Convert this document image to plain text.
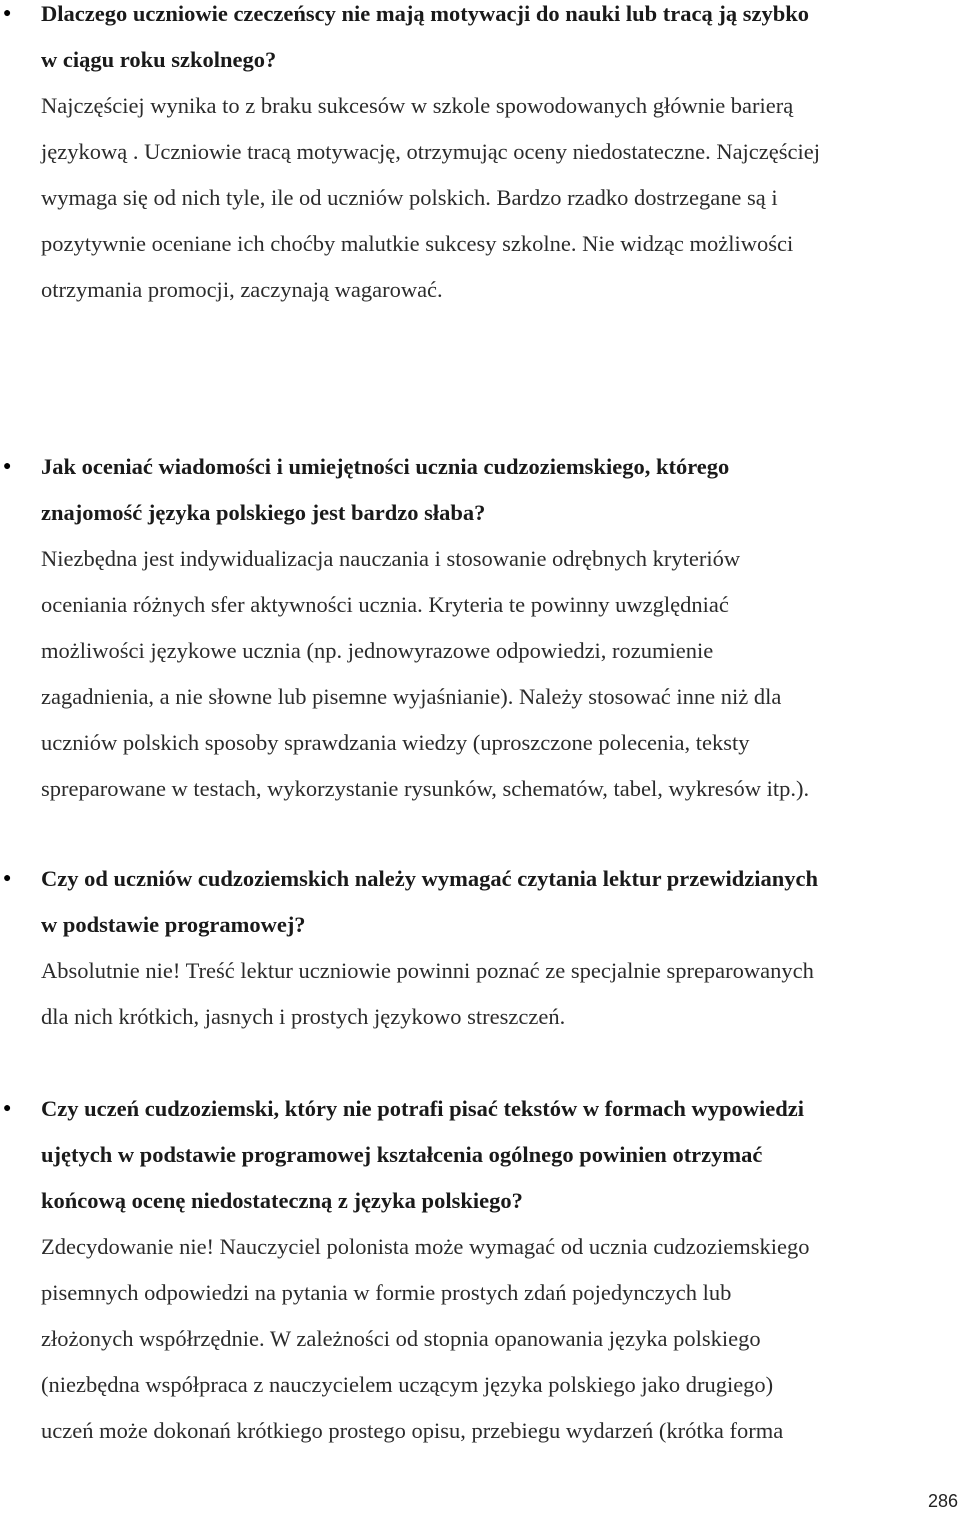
● Dlaczego uczniowie czeczeńscy nie mają motywacji do nauki lub tracą ją szybko
w ciągu roku szkolnego?

Najczęściej wynika to z braku sukcesów w szkole spowodowanych głównie barierą
językową . Uczniowie tracą motywację, otrzymując oceny niedostateczne. Najczęściej
wymaga się od nich tyle, ile od uczniów polskich. Bardzo rzadko dostrzegane są i
pozytywnie oceniane ich choćby malutkie sukcesy szkolne. Nie widząc możliwości
otrzymania promocji, zaczynają wagarować.

● Jak oceniać wiadomości i umiejętności ucznia cudzoziemskiego, którego
znajomość języka polskiego jest bardzo słaba?

Niezbędna jest indywidualizacja nauczania i stosowanie odrębnych kryteriów
oceniania różnych sfer aktywności ucznia. Kryteria te powinny uwzględniać
możliwości językowe ucznia (np. jednowyrazowe odpowiedzi, rozumienie
zagadnienia, a nie słowne lub pisemne wyjaśnianie). Należy stosować inne niż dla
uczniów polskich sposoby sprawdzania wiedzy (uproszczone polecenia, teksty
spreparowane w testach, wykorzystanie rysunków, schematów, tabel, wykresów itp.).

● Czy od uczniów cudzoziemskich należy wymagać czytania lektur przewidzianych
w podstawie programowej?

Absolutnie nie! Treść lektur uczniowie powinni poznać ze specjalnie spreparowanych
dla nich krótkich, jasnych i prostych językowo streszczeń.

● Czy uczeń cudzoziemski, który nie potrafi pisać tekstów w formach wypowiedzi
ujętych w podstawie programowej kształcenia ogólnego powinien otrzymać
końcową ocenę niedostateczną z języka polskiego?

Zdecydowanie nie! Nauczyciel polonista może wymagać od ucznia cudzoziemskiego
pisemnych odpowiedzi na pytania w formie prostych zdań pojedynczych lub
złożonych współrzędnie. W zależności od stopnia opanowania języka polskiego
(niezbędna współpraca z nauczycielem uczącym języka polskiego jako drugiego)
uczeń może dokonań krótkiego prostego opisu, przebiegu wydarzeń (krótka forma

286
